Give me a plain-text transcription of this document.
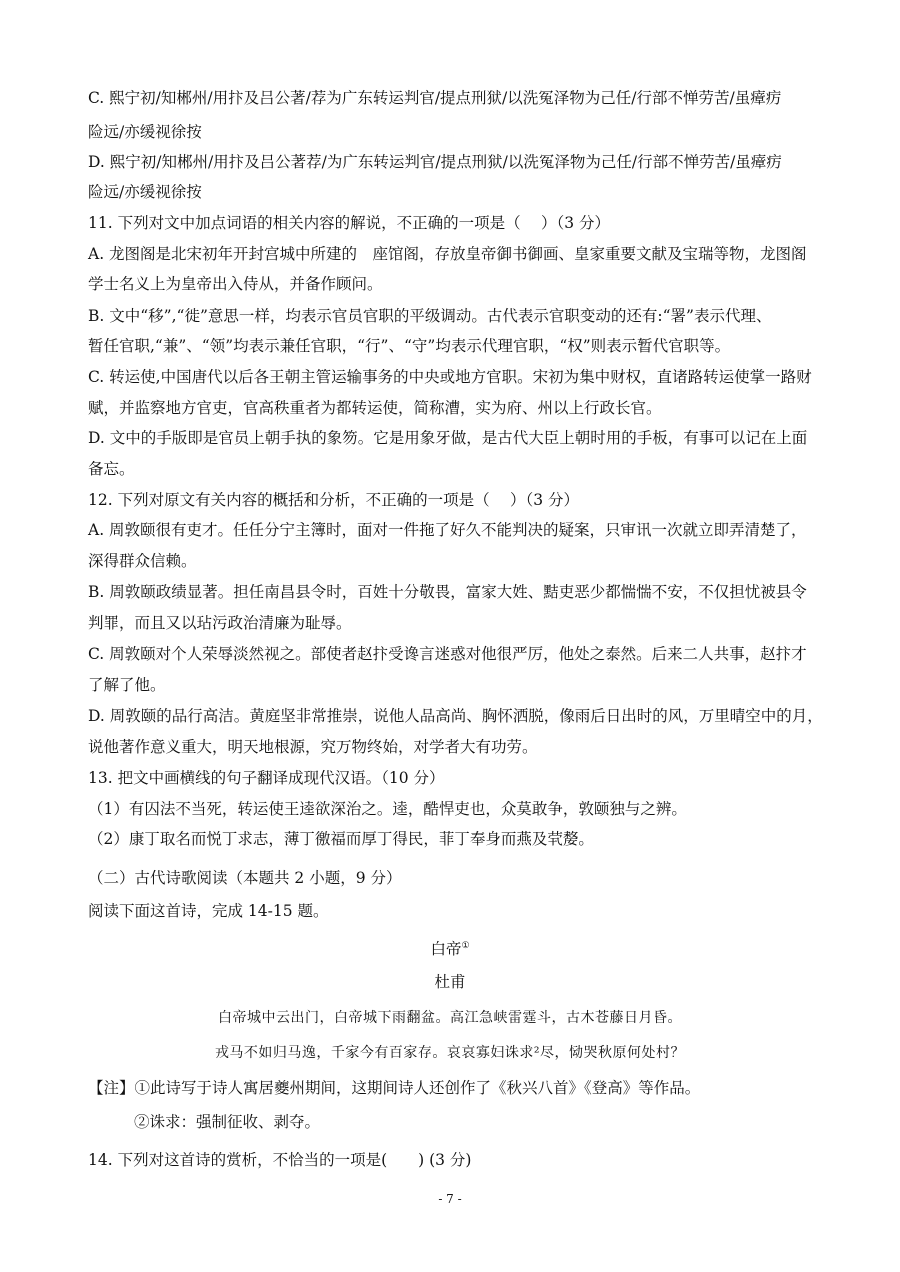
C. 熙宁初/知郴州/用抃及吕公著/荐为广东转运判官/提点刑狱/以洗冤泽物为己任/行部不惮劳苦/虽瘴疠
险远/亦缓视徐按
D. 熙宁初/知郴州/用抃及吕公著荐/为广东转运判官/提点刑狱/以洗冤泽物为己任/行部不惮劳苦/虽瘴疠
险远/亦缓视徐按
11. 下列对文中加点词语的相关内容的解说，不正确的一项是（　 ）（3 分）
A. 龙图阁是北宋初年开封宫城中所建的　座馆阁，存放皇帝御书御画、皇家重要文献及宝瑞等物，龙图阁
学士名义上为皇帝出入侍从，并备作顾问。
B. 文中“移”,“徙”意思一样，均表示官员官职的平级调动。古代表示官职变动的还有:“署”表示代理、
暂任官职,“兼”、“领”均表示兼任官职，“行”、“守”均表示代理官职，“权”则表示暂代官职等。
C. 转运使,中国唐代以后各王朝主管运输事务的中央或地方官职。宋初为集中财权，直诸路转运使掌一路财
赋，并监察地方官吏，官高秩重者为都转运使，简称漕，实为府、州以上行政长官。
D. 文中的手版即是官员上朝手执的象笏。它是用象牙做，是古代大臣上朝时用的手板，有事可以记在上面
备忘。
12. 下列对原文有关内容的概括和分析，不正确的一项是（　 ）（3 分）
A. 周敦颐很有吏才。任任分宁主簿时，面对一件拖了好久不能判决的疑案，只审讯一次就立即弄清楚了，
深得群众信赖。
B. 周敦颐政绩显著。担任南昌县令时，百姓十分敬畏，富家大姓、黠吏恶少都惴惴不安，不仅担忧被县令
判罪，而且又以玷污政治清廉为耻辱。
C. 周敦颐对个人荣辱淡然视之。部使者赵抃受谗言迷惑对他很严厉，他处之泰然。后来二人共事，赵抃才
了解了他。
D. 周敦颐的品行高洁。黄庭坚非常推崇，说他人品高尚、胸怀洒脱，像雨后日出时的风，万里晴空中的月，
说他著作意义重大，明天地根源，究万物终始，对学者大有功劳。
13. 把文中画横线的句子翻译成现代汉语。（10 分）
（1）有囚法不当死，转运使王逵欲深治之。逵，酷悍吏也，众莫敢争，敦颐独与之辨。
（2）康丁取名而悦丁求志，薄丁徼福而厚丁得民，菲丁奉身而燕及茕嫠。
（二）古代诗歌阅读（本题共 2 小题，9 分）
阅读下面这首诗，完成 14-15 题。
白帝①
杜甫
白帝城中云出门，白帝城下雨翻盆。高江急峡雷霆斗，古木苍藤日月昏。
戎马不如归马逸，千家今有百家存。哀哀寡妇诛求²尽，恸哭秋原何处村？
【注】①此诗写于诗人寓居夔州期间，这期间诗人还创作了《秋兴八首》《登高》等作品。
②诛求：强制征收、剥夺。
14. 下列对这首诗的赏析，不恰当的一项是(　　) (3 分)
- 7 -
